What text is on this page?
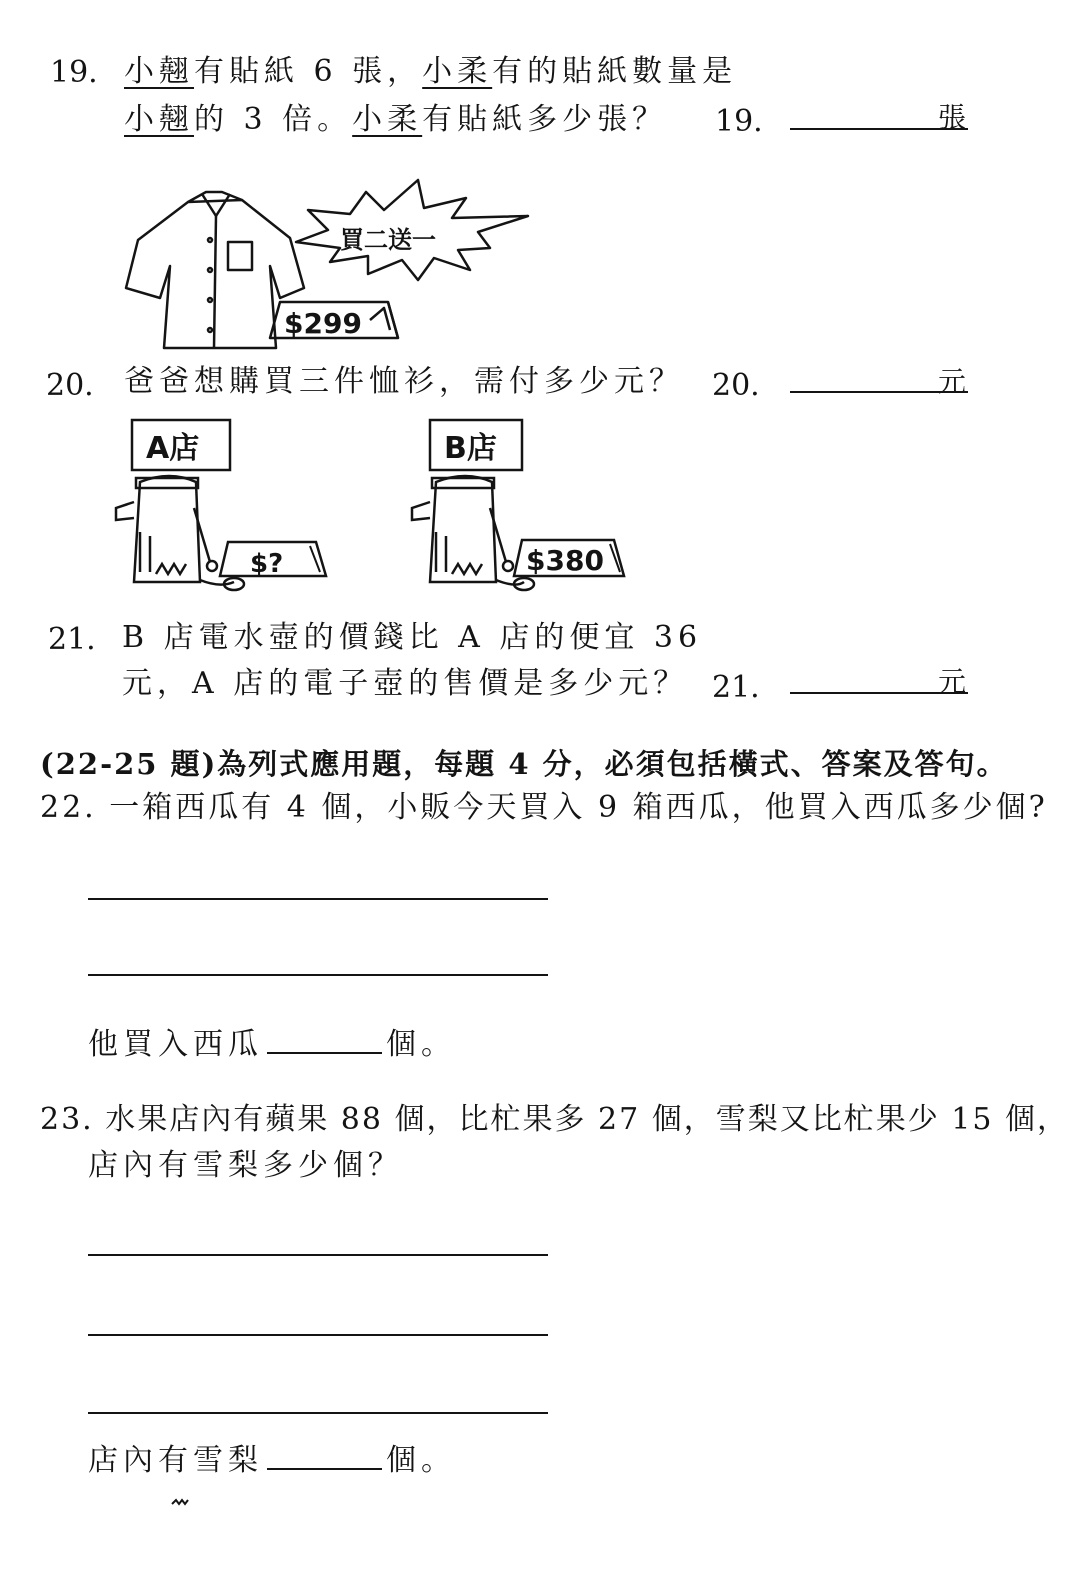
19. 小翹有貼紙 6 張，小柔有的貼紙數量是
小翹的 3 倍。小柔有貼紙多少張？ 19.	張
買二送一
$299
20. 爸爸想購買三件恤衫，需付多少元？ 20.	元
A店
$?
B店
$380
21. B 店電水壺的價錢比 A 店的便宜 36
元，A 店的電子壺的售價是多少元？ 21.	元
(22-25 題)為列式應用題，每題 4 分，必須包括橫式、答案及答句。
22. 一箱西瓜有 4 個，小販今天買入 9 箱西瓜，他買入西瓜多少個?
他買入西瓜	個。
23. 水果店內有蘋果 88 個，比杧果多 27 個，雪梨又比杧果少 15 個，
店內有雪梨多少個？
店內有雪梨	個。
